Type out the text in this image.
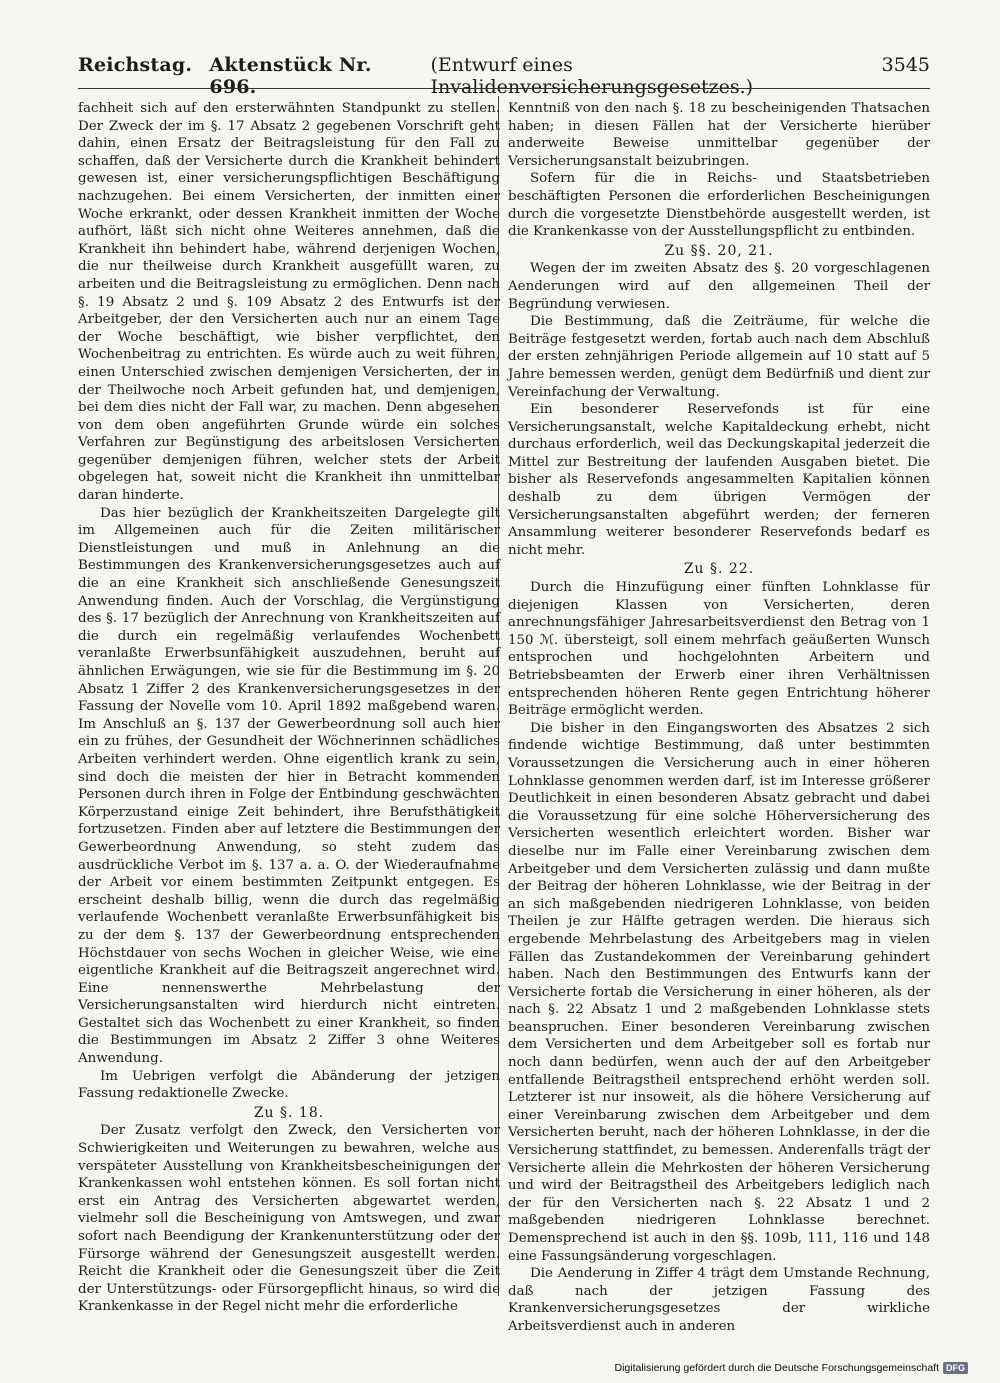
Reichstag. Aktenstück Nr. 696.
(Entwurf eines Invalidenversicherungsgesetzes.)
3545

fachheit sich auf den ersterwähnten Standpunkt zu stellen. Der Zweck der im §. 17 Absatz 2 gegebenen Vorschrift geht dahin, einen Ersatz der Beitragsleistung für den Fall zu schaffen, daß der Versicherte durch die Krankheit behindert gewesen ist, einer versicherungspflichtigen Beschäftigung nachzugehen. Bei einem Versicherten, der inmitten einer Woche erkrankt, oder dessen Krankheit inmitten der Woche aufhört, läßt sich nicht ohne Weiteres annehmen, daß die Krankheit ihn behindert habe, während derjenigen Wochen, die nur theilweise durch Krankheit ausgefüllt waren, zu arbeiten und die Beitragsleistung zu ermöglichen. Denn nach §. 19 Absatz 2 und §. 109 Absatz 2 des Entwurfs ist der Arbeitgeber, der den Versicherten auch nur an einem Tage der Woche beschäftigt, wie bisher verpflichtet, den Wochenbeitrag zu entrichten. Es würde auch zu weit führen, einen Unterschied zwischen demjenigen Versicherten, der in der Theilwoche noch Arbeit gefunden hat, und demjenigen, bei dem dies nicht der Fall war, zu machen. Denn abgesehen von dem oben angeführten Grunde würde ein solches Verfahren zur Begünstigung des arbeitslosen Versicherten gegenüber demjenigen führen, welcher stets der Arbeit obgelegen hat, soweit nicht die Krankheit ihn unmittelbar daran hinderte.

Das hier bezüglich der Krankheitszeiten Dargelegte gilt im Allgemeinen auch für die Zeiten militärischer Dienstleistungen und muß in Anlehnung an die Bestimmungen des Krankenversicherungsgesetzes auch auf die an eine Krankheit sich anschließende Genesungszeit Anwendung finden. Auch der Vorschlag, die Vergünstigung des §. 17 bezüglich der Anrechnung von Krankheitszeiten auf die durch ein regelmäßig verlaufendes Wochenbett veranlaßte Erwerbsunfähigkeit auszudehnen, beruht auf ähnlichen Erwägungen, wie sie für die Bestimmung im §. 20 Absatz 1 Ziffer 2 des Krankenversicherungsgesetzes in der Fassung der Novelle vom 10. April 1892 maßgebend waren. Im Anschluß an §. 137 der Gewerbeordnung soll auch hier ein zu frühes, der Gesundheit der Wöchnerinnen schädliches Arbeiten verhindert werden. Ohne eigentlich krank zu sein, sind doch die meisten der hier in Betracht kommenden Personen durch ihren in Folge der Entbindung geschwächten Körperzustand einige Zeit behindert, ihre Berufsthätigkeit fortzusetzen. Finden aber auf letztere die Bestimmungen der Gewerbeordnung Anwendung, so steht zudem das ausdrückliche Verbot im §. 137 a. a. O. der Wiederaufnahme der Arbeit vor einem bestimmten Zeitpunkt entgegen. Es erscheint deshalb billig, wenn die durch das regelmäßig verlaufende Wochenbett veranlaßte Erwerbsunfähigkeit bis zu der dem §. 137 der Gewerbeordnung entsprechenden Höchstdauer von sechs Wochen in gleicher Weise, wie eine eigentliche Krankheit auf die Beitragszeit angerechnet wird. Eine nennenswerthe Mehrbelastung der Versicherungsanstalten wird hierdurch nicht eintreten. Gestaltet sich das Wochenbett zu einer Krankheit, so finden die Bestimmungen im Absatz 2 Ziffer 3 ohne Weiteres Anwendung.

Im Uebrigen verfolgt die Abänderung der jetzigen Fassung redaktionelle Zwecke.

Zu §. 18.

Der Zusatz verfolgt den Zweck, den Versicherten vor Schwierigkeiten und Weiterungen zu bewahren, welche aus verspäteter Ausstellung von Krankheitsbescheinigungen der Krankenkassen wohl entstehen können. Es soll fortan nicht erst ein Antrag des Versicherten abgewartet werden, vielmehr soll die Bescheinigung von Amtswegen, und zwar sofort nach Beendigung der Krankenunterstützung oder der Fürsorge während der Genesungszeit ausgestellt werden. Reicht die Krankheit oder die Genesungszeit über die Zeit der Unterstützungs- oder Fürsorgepflicht hinaus, so wird die Krankenkasse in der Regel nicht mehr die erforderliche

Kenntniß von den nach §. 18 zu bescheinigenden Thatsachen haben; in diesen Fällen hat der Versicherte hierüber anderweite Beweise unmittelbar gegenüber der Versicherungsanstalt beizubringen.

Sofern für die in Reichs- und Staatsbetrieben beschäftigten Personen die erforderlichen Bescheinigungen durch die vorgesetzte Dienstbehörde ausgestellt werden, ist die Krankenkasse von der Ausstellungspflicht zu entbinden.

Zu §§. 20, 21.

Wegen der im zweiten Absatz des §. 20 vorgeschlagenen Aenderungen wird auf den allgemeinen Theil der Begründung verwiesen.

Die Bestimmung, daß die Zeiträume, für welche die Beiträge festgesetzt werden, fortab auch nach dem Abschluß der ersten zehnjährigen Periode allgemein auf 10 statt auf 5 Jahre bemessen werden, genügt dem Bedürfniß und dient zur Vereinfachung der Verwaltung.

Ein besonderer Reservefonds ist für eine Versicherungsanstalt, welche Kapitaldeckung erhebt, nicht durchaus erforderlich, weil das Deckungskapital jederzeit die Mittel zur Bestreitung der laufenden Ausgaben bietet. Die bisher als Reservefonds angesammelten Kapitalien können deshalb zu dem übrigen Vermögen der Versicherungsanstalten abgeführt werden; der ferneren Ansammlung weiterer besonderer Reservefonds bedarf es nicht mehr.

Zu §. 22.

Durch die Hinzufügung einer fünften Lohnklasse für diejenigen Klassen von Versicherten, deren anrechnungsfähiger Jahresarbeitsverdienst den Betrag von 1 150 ℳ. übersteigt, soll einem mehrfach geäußerten Wunsch entsprochen und hochgelohnten Arbeitern und Betriebsbeamten der Erwerb einer ihren Verhältnissen entsprechenden höheren Rente gegen Entrichtung höherer Beiträge ermöglicht werden.

Die bisher in den Eingangsworten des Absatzes 2 sich findende wichtige Bestimmung, daß unter bestimmten Voraussetzungen die Versicherung auch in einer höheren Lohnklasse genommen werden darf, ist im Interesse größerer Deutlichkeit in einen besonderen Absatz gebracht und dabei die Voraussetzung für eine solche Höherversicherung des Versicherten wesentlich erleichtert worden. Bisher war dieselbe nur im Falle einer Vereinbarung zwischen dem Arbeitgeber und dem Versicherten zulässig und dann mußte der Beitrag der höheren Lohnklasse, wie der Beitrag in der an sich maßgebenden niedrigeren Lohnklasse, von beiden Theilen je zur Hälfte getragen werden. Die hieraus sich ergebende Mehrbelastung des Arbeitgebers mag in vielen Fällen das Zustandekommen der Vereinbarung gehindert haben. Nach den Bestimmungen des Entwurfs kann der Versicherte fortab die Versicherung in einer höheren, als der nach §. 22 Absatz 1 und 2 maßgebenden Lohnklasse stets beanspruchen. Einer besonderen Vereinbarung zwischen dem Versicherten und dem Arbeitgeber soll es fortab nur noch dann bedürfen, wenn auch der auf den Arbeitgeber entfallende Beitragstheil entsprechend erhöht werden soll. Letzterer ist nur insoweit, als die höhere Versicherung auf einer Vereinbarung zwischen dem Arbeitgeber und dem Versicherten beruht, nach der höheren Lohnklasse, in der die Versicherung stattfindet, zu bemessen. Anderenfalls trägt der Versicherte allein die Mehrkosten der höheren Versicherung und wird der Beitragstheil des Arbeitgebers lediglich nach der für den Versicherten nach §. 22 Absatz 1 und 2 maßgebenden niedrigeren Lohnklasse berechnet. Demensprechend ist auch in den §§. 109b, 111, 116 und 148 eine Fassungsänderung vorgeschlagen.

Die Aenderung in Ziffer 4 trägt dem Umstande Rechnung, daß nach der jetzigen Fassung des Krankenversicherungsgesetzes der wirkliche Arbeitsverdienst auch in anderen

Digitalisierung gefördert durch die Deutsche Forschungsgemeinschaft DFG
